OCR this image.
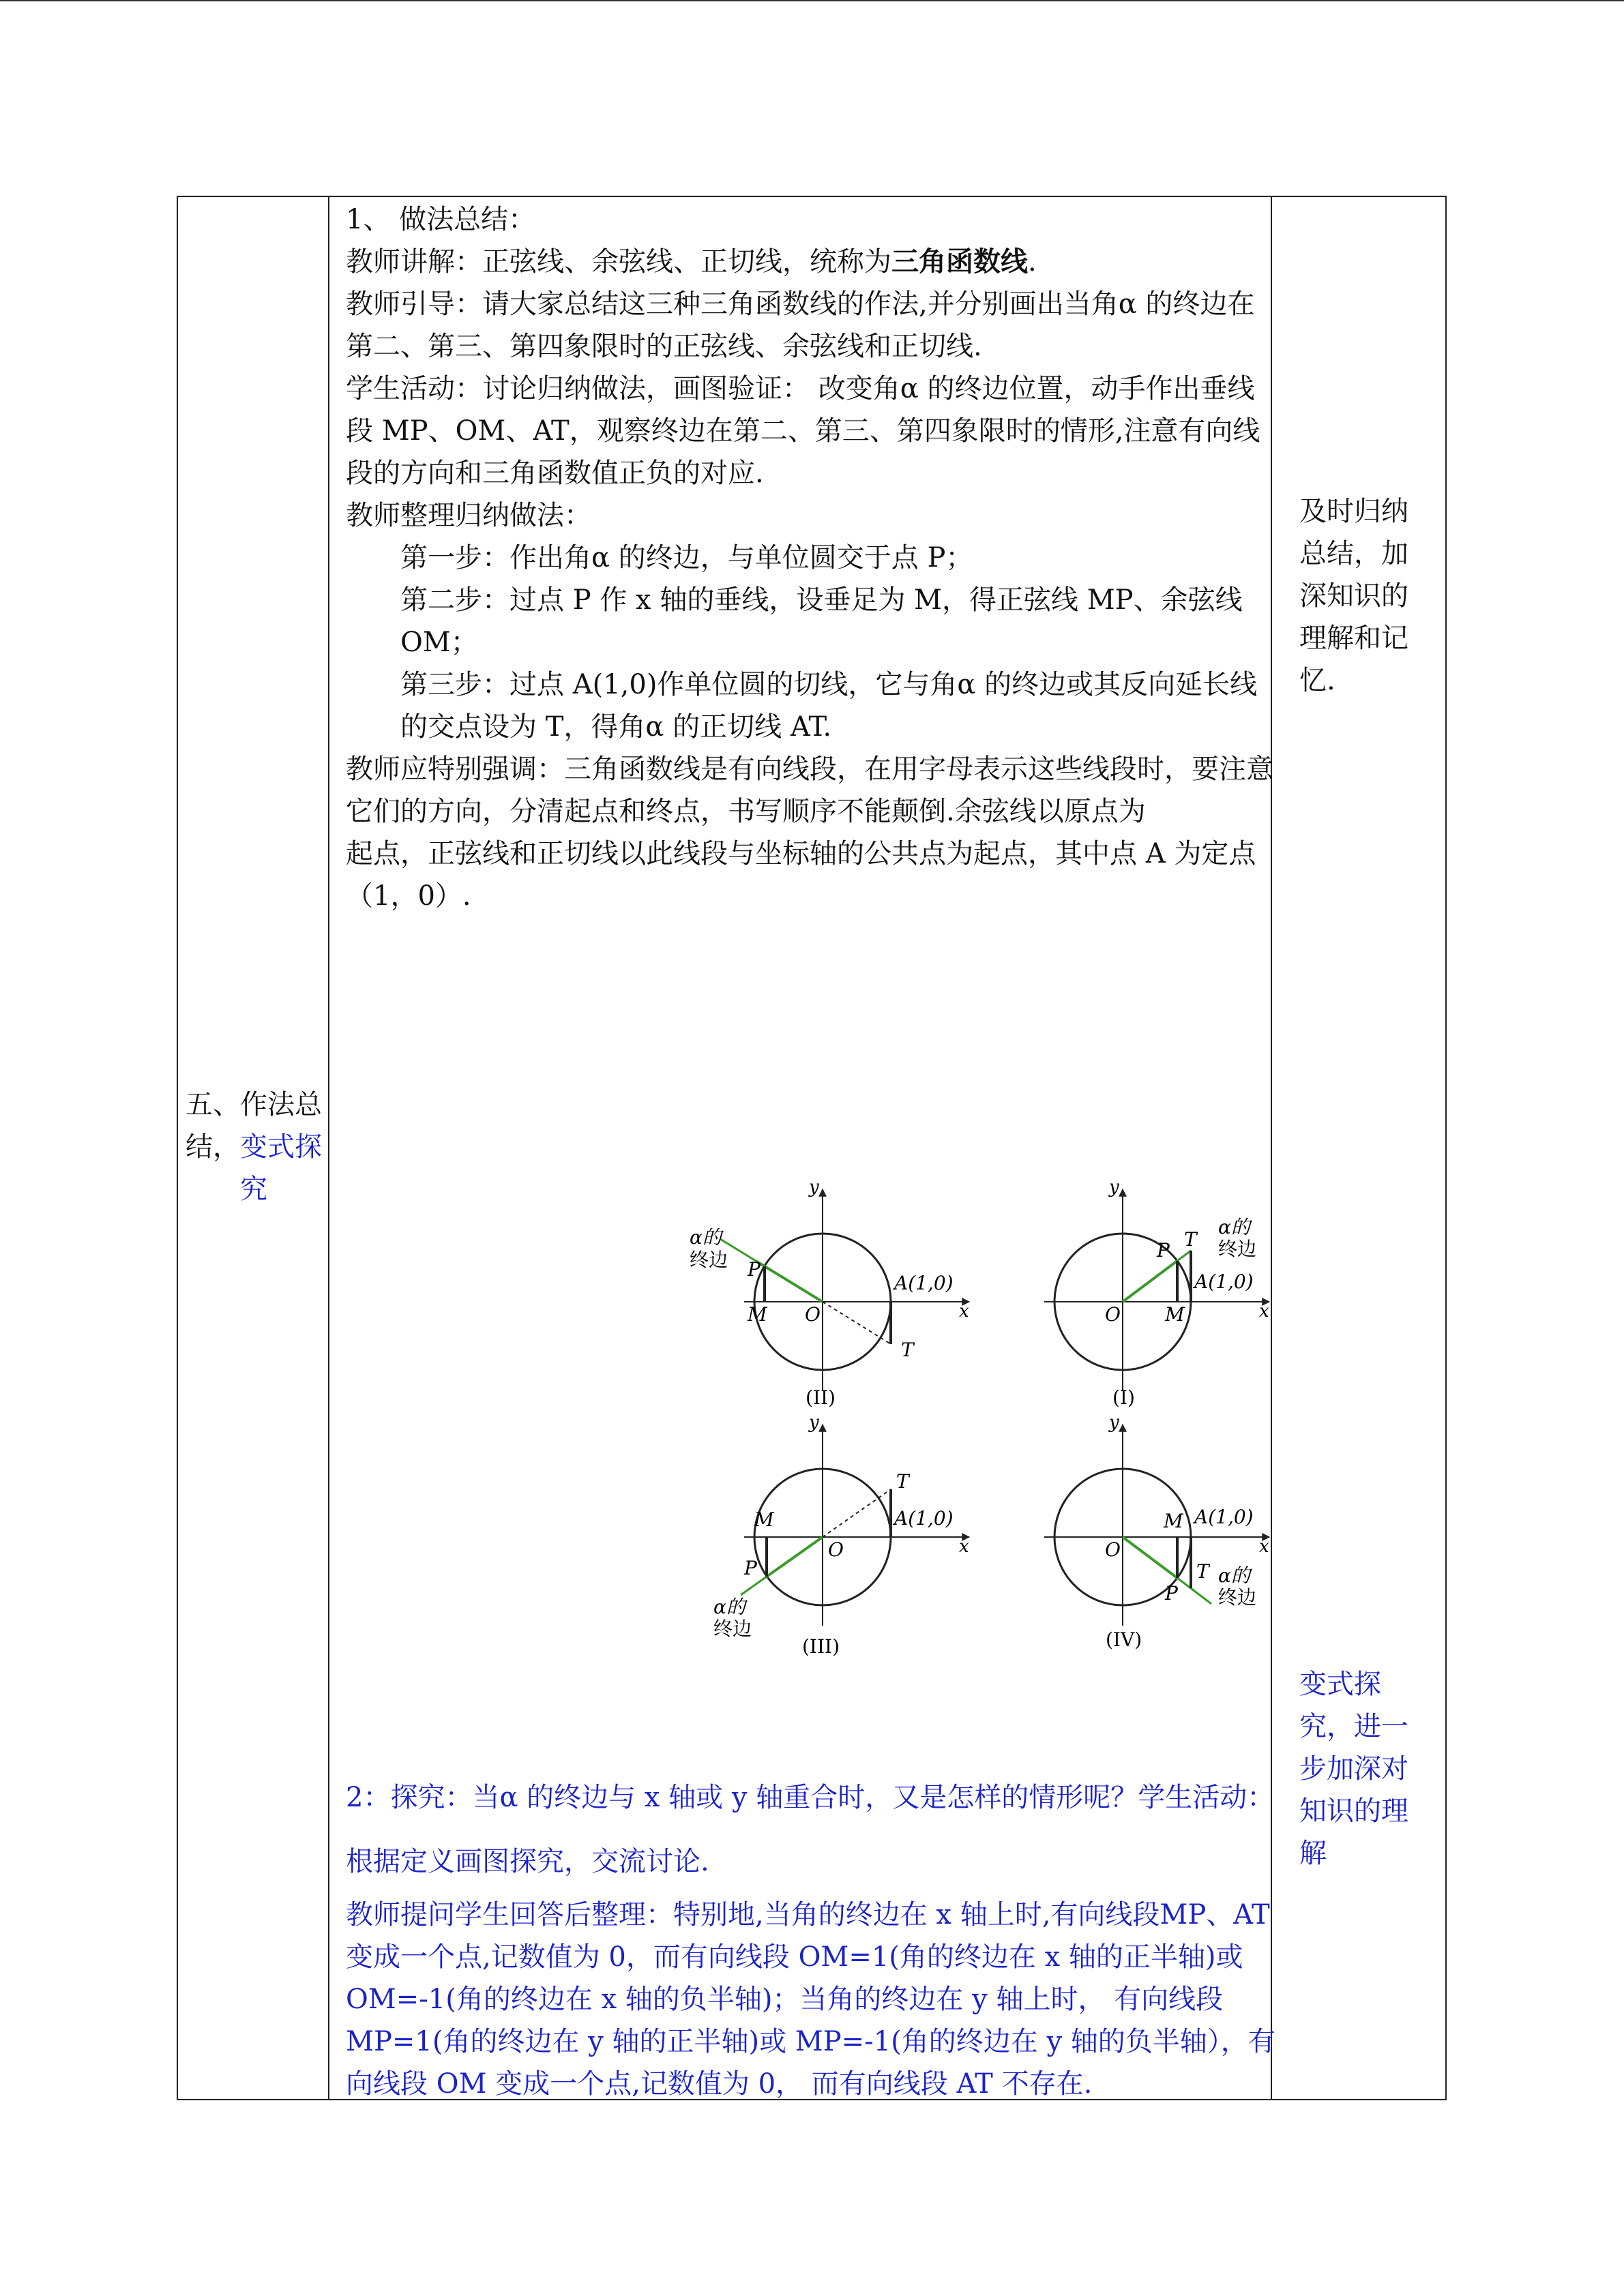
五、作法总结，变式探究

1、 做法总结：

教师讲解：正弦线、余弦线、正切线，统称为三角函数线.

教师引导：请大家总结这三种三角函数线的作法,并分别画出当角α 的终边在第二、第三、第四象限时的正弦线、余弦线和正切线.

学生活动：讨论归纳做法，画图验证： 改变角α 的终边位置，动手作出垂线段 MP、OM、AT，观察终边在第二、第三、第四象限时的情形,注意有向线段的方向和三角函数值正负的对应.

教师整理归纳做法：

第一步：作出角α 的终边，与单位圆交于点 P；

第二步：过点 P 作 x 轴的垂线，设垂足为 M，得正弦线 MP、余弦线OM；

第三步：过点 A(1,0)作单位圆的切线，它与角α 的终边或其反向延长线的交点设为 T，得角α 的正切线 AT.

教师应特别强调：三角函数线是有向线段，在用字母表示这些线段时，要注意它们的方向，分清起点和终点，书写顺序不能颠倒.余弦线以原点为

起点，正弦线和正切线以此线段与坐标轴的公共点为起点，其中点 A 为定点（1，0）.

2：探究：当α 的终边与 x 轴或 y 轴重合时，又是怎样的情形呢？学生活动：根据定义画图探究，交流讨论.

教师提问学生回答后整理：特别地,当角的终边在 x 轴上时,有向线段MP、AT 变成一个点,记数值为 0，而有向线段 OM=1(角的终边在 x 轴的正半轴)或 OM=-1(角的终边在 x 轴的负半轴)；当角的终边在 y 轴上时， 有向线段 MP=1(角的终边在 y 轴的正半轴)或 MP=-1(角的终边在 y 轴的负半轴），有向线段 OM 变成一个点,记数值为 0， 而有向线段 AT 不存在.

及时归纳总结，加深知识的理解和记忆.
变式探究，进一步加深对知识的理解
α的
终边 P
M O
A(1,0)
T
x
y
(II)
P T
α的
终边
A(1,0)
O M	x
y
(I)
M
O
P
A(1,0)
T
α的
终边
x
y
(III)
O
M A(1,0)
T
P
α的
终边
x
y
(IV)
